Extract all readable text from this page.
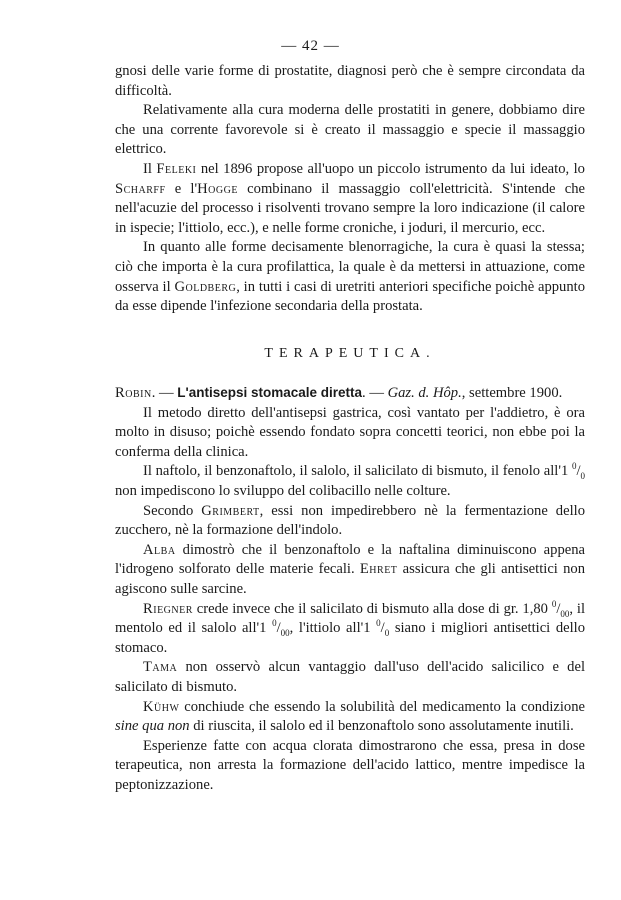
— 42 —

gnosi delle varie forme di prostatite, diagnosi però che è sempre circondata da difficoltà.

Relativamente alla cura moderna delle prostatiti in genere, dobbiamo dire che una corrente favorevole si è creato il massaggio e specie il massaggio elettrico.

Il Feleki nel 1896 propose all'uopo un piccolo istrumento da lui ideato, lo Scharff e l'Hogge combinano il massaggio coll'elettricità. S'intende che nell'acuzie del processo i risolventi trovano sempre la loro indicazione (il calore in ispecie; l'ittiolo, ecc.), e nelle forme croniche, i joduri, il mercurio, ecc.

In quanto alle forme decisamente blenorragiche, la cura è quasi la stessa; ciò che importa è la cura profilattica, la quale è da mettersi in attuazione, come osserva il Goldberg, in tutti i casi di uretriti anteriori specifiche poichè appunto da esse dipende l'infezione secondaria della prostata.

TERAPEUTICA.

Robin. — L'antisepsi stomacale diretta. — Gaz. d. Hôp., settembre 1900.

Il metodo diretto dell'antisepsi gastrica, così vantato per l'addietro, è ora molto in disuso; poichè essendo fondato sopra concetti teorici, non ebbe poi la conferma della clinica.

Il naftolo, il benzonaftolo, il salolo, il salicilato di bismuto, il fenolo all'1 $^0/_0$ non impediscono lo sviluppo del colibacillo nelle colture.

Secondo Grimbert, essi non impedirebbero nè la fermentazione dello zucchero, nè la formazione dell'indolo.

Alba dimostrò che il benzonaftolo e la naftalina diminuiscono appena l'idrogeno solforato delle materie fecali. Ehret assicura che gli antisettici non agiscono sulle sarcine.

Riegner crede invece che il salicilato di bismuto alla dose di gr. 1,80 $^0/_{00}$, il mentolo ed il salolo all'1 $^0/_{00}$, l'ittiolo all'1 $^0/_0$ siano i migliori antisettici dello stomaco.

Tama non osservò alcun vantaggio dall'uso dell'acido salicilico e del salicilato di bismuto.

Kühw conchiude che essendo la solubilità del medicamento la condizione sine qua non di riuscita, il salolo ed il benzonaftolo sono assolutamente inutili.

Esperienze fatte con acqua clorata dimostrarono che essa, presa in dose terapeutica, non arresta la formazione dell'acido lattico, mentre impedisce la peptonizzazione.
